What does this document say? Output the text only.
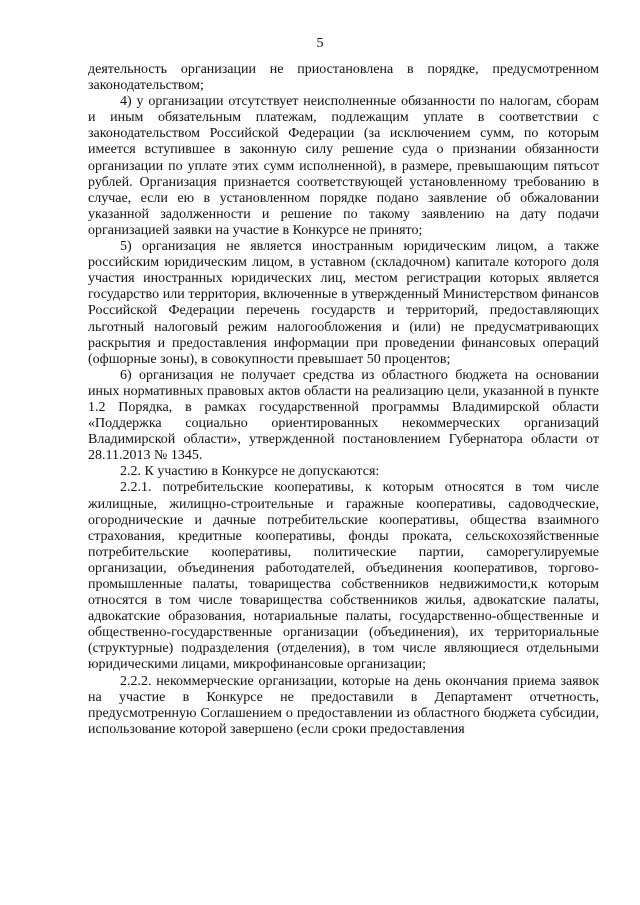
5

деятельность организации не приостановлена в порядке, предусмотренном законодательством;

4) у организации отсутствует неисполненные обязанности по налогам, сборам и иным обязательным платежам, подлежащим уплате в соответствии с законодательством Российской Федерации (за исключением сумм, по которым имеется вступившее в законную силу решение суда о признании обязанности организации по уплате этих сумм исполненной), в размере, превышающим пятьсот рублей. Организация признается соответствующей установленному требованию в случае, если ею в установленном порядке подано заявление об обжаловании указанной задолженности и решение по такому заявлению на дату подачи организацией заявки на участие в Конкурсе не принято;

5) организация не является иностранным юридическим лицом, а также российским юридическим лицом, в уставном (складочном) капитале которого доля участия иностранных юридических лиц, местом регистрации которых является государство или территория, включенные в утвержденный Министерством финансов Российской Федерации перечень государств и территорий, предоставляющих льготный налоговый режим налогообложения и (или) не предусматривающих раскрытия и предоставления информации при проведении финансовых операций (офшорные зоны), в совокупности превышает 50 процентов;

6) организация не получает средства из областного бюджета на основании иных нормативных правовых актов области на реализацию цели, указанной в пункте 1.2 Порядка, в рамках государственной программы Владимирской области «Поддержка социально ориентированных некоммерческих организаций Владимирской области», утвержденной постановлением Губернатора области от 28.11.2013 № 1345.

2.2. К участию в Конкурсе не допускаются:

2.2.1. потребительские кооперативы, к которым относятся в том числе жилищные, жилищно-строительные и гаражные кооперативы, садоводческие, огороднические и дачные потребительские кооперативы, общества взаимного страхования, кредитные кооперативы, фонды проката, сельскохозяйственные потребительские кооперативы, политические партии, саморегулируемые организации, объединения работодателей, объединения кооперативов, торгово-промышленные палаты, товарищества собственников недвижимости,к которым относятся в том числе товарищества собственников жилья, адвокатские палаты, адвокатские образования, нотариальные палаты, государственно-общественные и общественно-государственные организации (объединения), их территориальные (структурные) подразделения (отделения), в том числе являющиеся отдельными юридическими лицами, микрофинансовые организации;

2.2.2. некоммерческие организации, которые на день окончания приема заявок на участие в Конкурсе не предоставили в Департамент отчетность, предусмотренную Соглашением о предоставлении из областного бюджета субсидии, использование которой завершено (если сроки предоставления
